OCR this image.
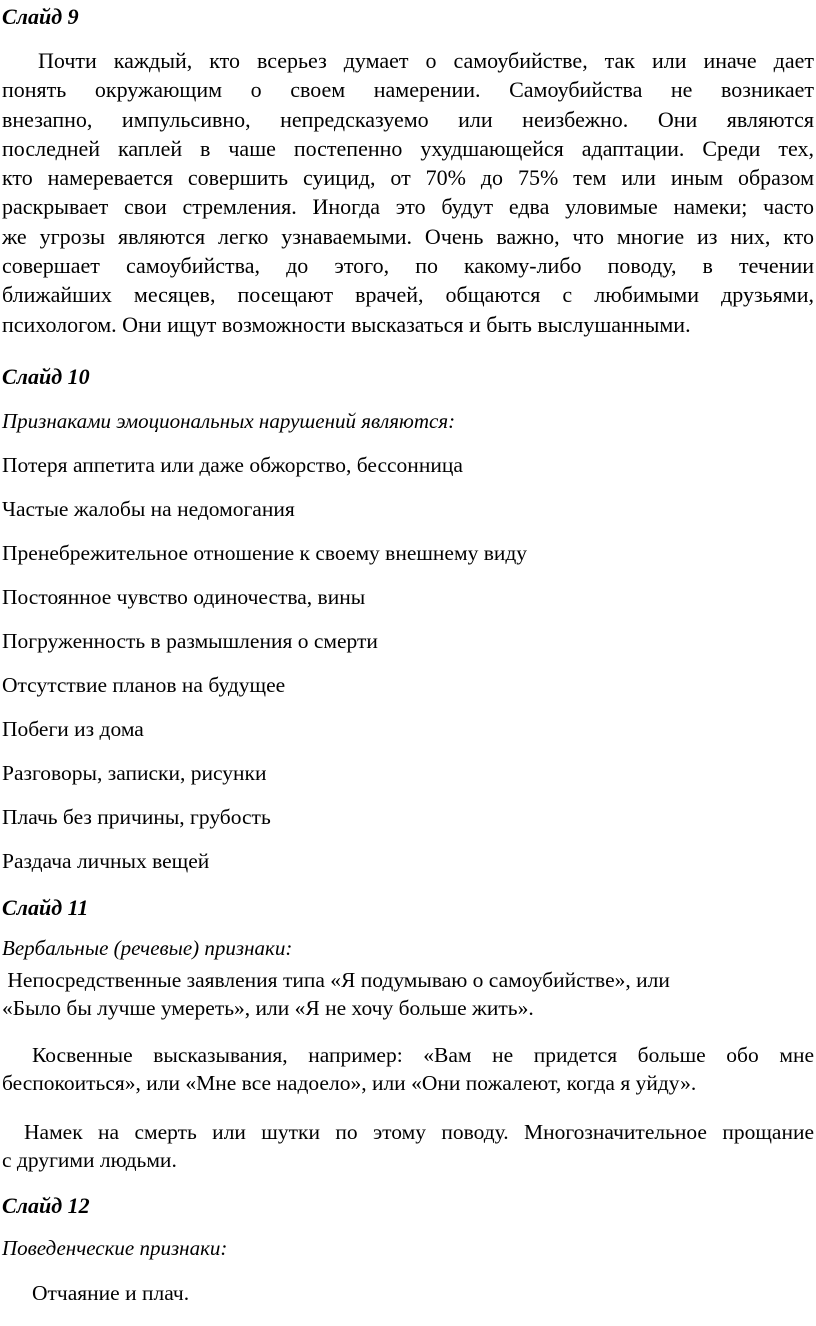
Слайд 9
Почти каждый, кто всерьез думает о самоубийстве, так или иначе дает
понять окружающим о своем намерении. Самоубийства не возникает
внезапно, импульсивно, непредсказуемо или неизбежно. Они являются
последней каплей в чаше постепенно ухудшающейся адаптации. Среди тех,
кто намеревается совершить суицид, от 70% до 75% тем или иным образом
раскрывает свои стремления. Иногда это будут едва уловимые намеки; часто
же угрозы являются легко узнаваемыми. Очень важно, что многие из них, кто
совершает самоубийства, до этого, по какому-либо поводу, в течении
ближайших месяцев, посещают врачей, общаются с любимыми друзьями,
психологом. Они ищут возможности высказаться и быть выслушанными.
Слайд 10

Признаками эмоциональных нарушений являются:

Потеря аппетита или даже обжорство, бессонница

Частые жалобы на недомогания

Пренебрежительное отношение к своему внешнему виду

Постоянное чувство одиночества, вины

Погруженность в размышления о смерти

Отсутствие планов на будущее

Побеги из дома

Разговоры, записки, рисунки

Плачь без причины, грубость

Раздача личных вещей

Слайд 11

Вербальные (речевые) признаки:

Непосредственные заявления типа «Я подумываю о самоубийстве», или
«Было бы лучше умереть», или «Я не хочу больше жить».
Косвенные высказывания, например: «Вам не придется больше обо мне
беспокоиться», или «Мне все надоело», или «Они пожалеют, когда я уйду».
Намек на смерть или шутки по этому поводу. Многозначительное прощание
с другими людьми.
Слайд 12

Поведенческие признаки:

Отчаяние и плач.
